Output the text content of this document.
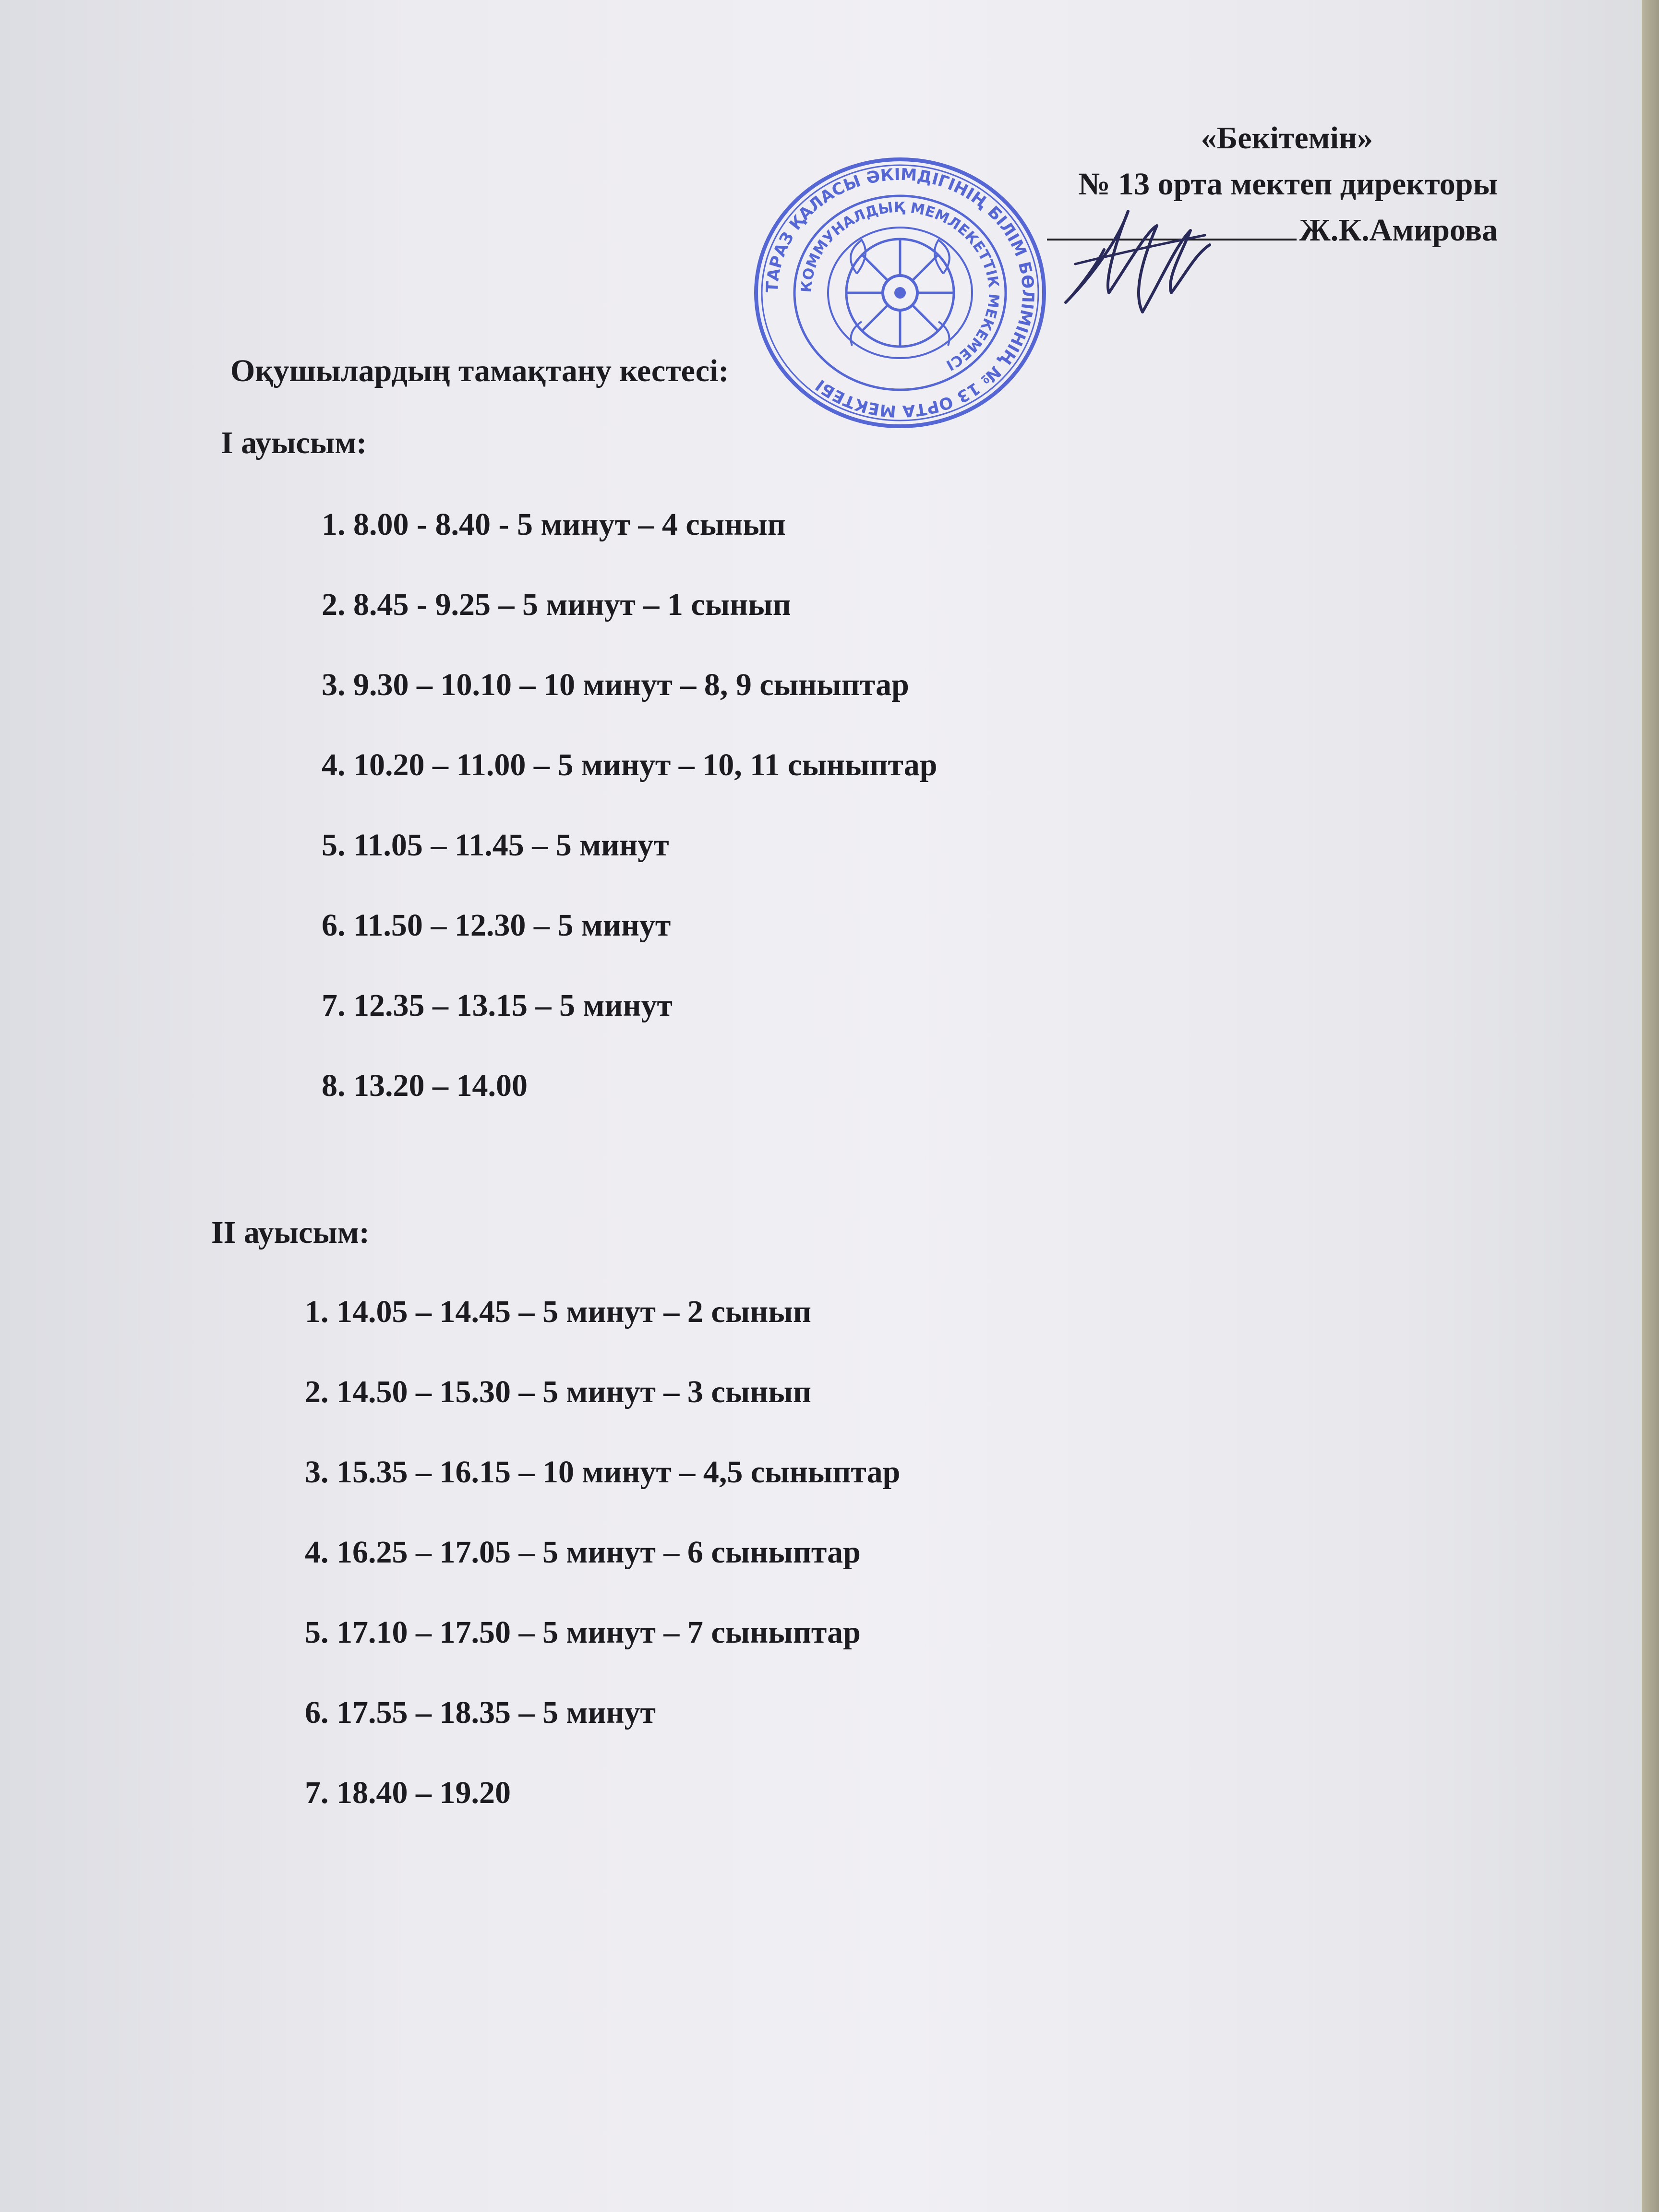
«Бекітемін»
№ 13 орта мектеп директоры
Ж.К.Амирова
Оқушылардың тамақтану кестесі:
І ауысым:
1. 8.00 - 8.40 - 5 минут – 4 сынып
2. 8.45 - 9.25 – 5 минут – 1 сынып
3. 9.30 – 10.10 – 10 минут – 8, 9 сыныптар
4. 10.20 – 11.00 – 5 минут – 10, 11 сыныптар
5. 11.05 – 11.45 – 5 минут
6. 11.50 – 12.30 – 5 минут
7. 12.35 – 13.15 – 5 минут
8. 13.20 – 14.00
ІІ ауысым:
1. 14.05 – 14.45 – 5 минут – 2 сынып
2. 14.50 – 15.30 – 5 минут – 3 сынып
3. 15.35 – 16.15 – 10 минут – 4,5 сыныптар
4. 16.25 – 17.05 – 5 минут – 6 сыныптар
5. 17.10 – 17.50 – 5 минут – 7 сыныптар
6. 17.55 – 18.35 – 5 минут
7. 18.40 – 19.20
ТАРАЗ ҚАЛАСЫ ӘКІМДІГІНІҢ БІЛІМ БӨЛІМІНІҢ № 13 ОРТА МЕКТЕБІ
КОММУНАЛДЫҚ МЕМЛЕКЕТТІК МЕКЕМЕСІ
